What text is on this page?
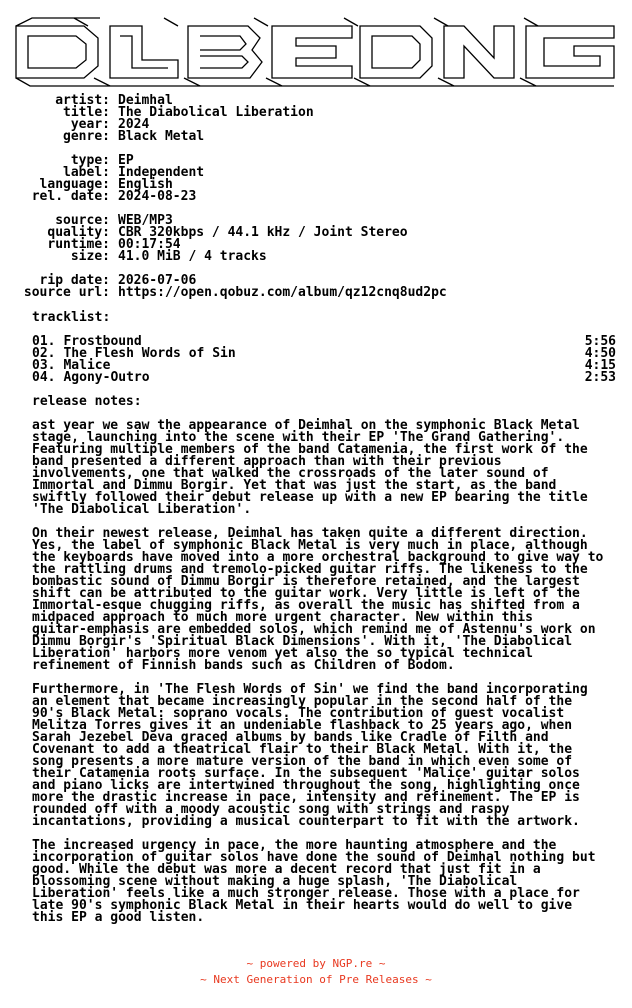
artist: Deimhal
title: The Diabolical Liberation
year: 2024
genre: Black Metal
type: EP
label: Independent
language: English
rel. date: 2024-08-23
source: WEB/MP3
quality: CBR 320kbps / 44.1 kHz / Joint Stereo
runtime: 00:17:54
size: 41.0 MiB / 4 tracks
rip date: 2026-07-06
source url: https://open.qobuz.com/album/qz12cnq8ud2pc
tracklist:
01. Frostbound	5:56
02. The Flesh Words of Sin	4:50
03. Malice	4:15
04. Agony-Outro	2:53
release notes:
ast year we saw the appearance of Deimhal on the symphonic Black Metal
stage, launching into the scene with their EP 'The Grand Gathering'.
Featuring multiple members of the band Catamenia, the first work of the
band presented a different approach than with their previous
involvements, one that walked the crossroads of the later sound of
Immortal and Dimmu Borgir. Yet that was just the start, as the band
swiftly followed their debut release up with a new EP bearing the title
'The Diabolical Liberation'.
On their newest release, Deimhal has taken quite a different direction.
Yes, the label of symphonic Black Metal is very much in place, although
the keyboards have moved into a more orchestral background to give way to
the rattling drums and tremolo-picked guitar riffs. The likeness to the
bombastic sound of Dimmu Borgir is therefore retained, and the largest
shift can be attributed to the guitar work. Very little is left of the
Immortal-esque chugging riffs, as overall the music has shifted from a
midpaced approach to much more urgent character. New within this
guitar-emphasis are embedded solos, which remind me of Astennu's work on
Dimmu Borgir's 'Spiritual Black Dimensions'. With it, 'The Diabolical
Liberation' harbors more venom yet also the so typical technical
refinement of Finnish bands such as Children of Bodom.
Furthermore, in 'The Flesh Words of Sin' we find the band incorporating
an element that became increasingly popular in the second half of the
90's Black Metal: soprano vocals. The contribution of guest vocalist
Melitza Torres gives it an undeniable flashback to 25 years ago, when
Sarah Jezebel Deva graced albums by bands like Cradle of Filth and
Covenant to add a theatrical flair to their Black Metal. With it, the
song presents a more mature version of the band in which even some of
their Catamenia roots surface. In the subsequent 'Malice' guitar solos
and piano licks are intertwined throughout the song, highlighting once
more the drastic increase in pace, intensity and refinement. The EP is
rounded off with a moody acoustic song with strings and raspy
incantations, providing a musical counterpart to fit with the artwork.
The increased urgency in pace, the more haunting atmosphere and the
incorporation of guitar solos have done the sound of Deimhal nothing but
good. While the debut was more a decent record that just fit in a
blossoming scene without making a huge splash, 'The Diabolical
Liberation' feels like a much stronger release. Those with a place for
late 90's symphonic Black Metal in their hearts would do well to give
this EP a good listen.
~ powered by NGP.re ~
~ Next Generation of Pre Releases ~
